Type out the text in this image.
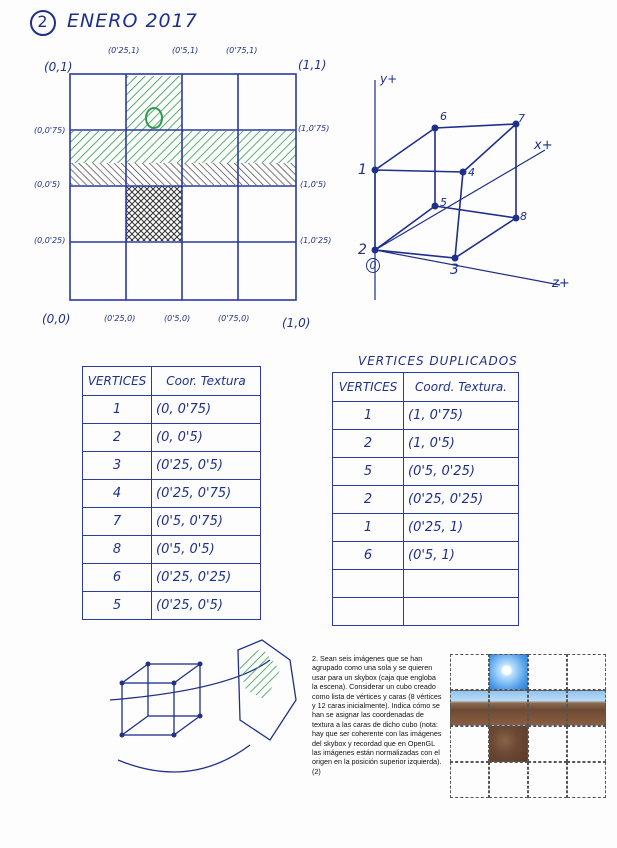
2 ENERO 2017
(0,1)	(1,1)
(0,0)	(1,0)
(0'25,1)	(0'5,1)	(0'75,1)
(0'25,0)	(0'5,0)	(0'75,0)
(0,0'75)
(0,0'5)
(0,0'25)
(1,0'75)
(1,0'5)
(1,0'25)
y+
x+
z+
1
2
3
4
5
6	7
8
0
VERTICES	Coor. Textura
1	(0, 0'75)
2	(0, 0'5)
3	(0'25, 0'5)
4	(0'25, 0'75)
7	(0'5, 0'75)
8	(0'5, 0'5)
6	(0'25, 0'25)
5	(0'25, 0'5)
VERTICES DUPLICADOS
VERTICES	Coord. Textura.
1	(1, 0'75)
2	(1, 0'5)
5	(0'5, 0'25)
2	(0'25, 0'25)
1	(0'25, 1)
6	(0'5, 1)

2. Sean seis imágenes que se han agrupado como una sola y se quieren usar para un skybox (caja que engloba la escena). Considerar un cubo creado como lista de vértices y caras (8 vértices y 12 caras inicialmente). Indica cómo se han se asignar las coordenadas de textura a las caras de dicho cubo (nota: hay que ser coherente con las imágenes del skybox y recordad que en OpenGL las imágenes están normalizadas con el origen en la posición superior izquierda). (2)
